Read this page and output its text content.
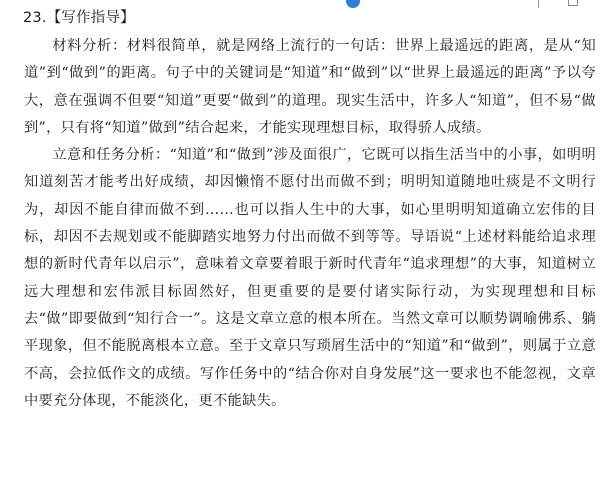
23.【写作指导】

材料分析：材料很简单，就是网络上流行的一句话：世界上最遥远的距离，是从“知道”到“做到”的距离。句子中的关键词是“知道”和“做到”以“世界上最遥远的距离”予以夸大，意在强调不但要“知道”更要“做到”的道理。现实生活中，许多人“知道”，但不易“做到”，只有将“知道”做到”结合起来，才能实现理想目标，取得骄人成绩。

立意和任务分析：“知道”和“做到”涉及面很广，它既可以指生活当中的小事，如明明知道刻苦才能考出好成绩，却因懒惰不愿付出而做不到；明明知道随地吐痰是不文明行为，却因不能自律而做不到……也可以指人生中的大事，如心里明明知道确立宏伟的目标，却因不去规划或不能脚踏实地努力付出而做不到等等。导语说“上述材料能给追求理想的新时代青年以启示”，意味着文章要着眼于新时代青年“追求理想”的大事，知道树立远大理想和宏伟派目标固然好，但更重要的是要付诸实际行动，为实现理想和目标去“做”即要做到“知行合一”。这是文章立意的根本所在。当然文章可以顺势调喻佛系、躺平现象，但不能脱离根本立意。至于文章只写琐屑生活中的“知道”和“做到”，则属于立意不高，会拉低作文的成绩。写作任务中的“结合你对自身发展”这一要求也不能忽视，文章中要充分体现，不能淡化，更不能缺失。
